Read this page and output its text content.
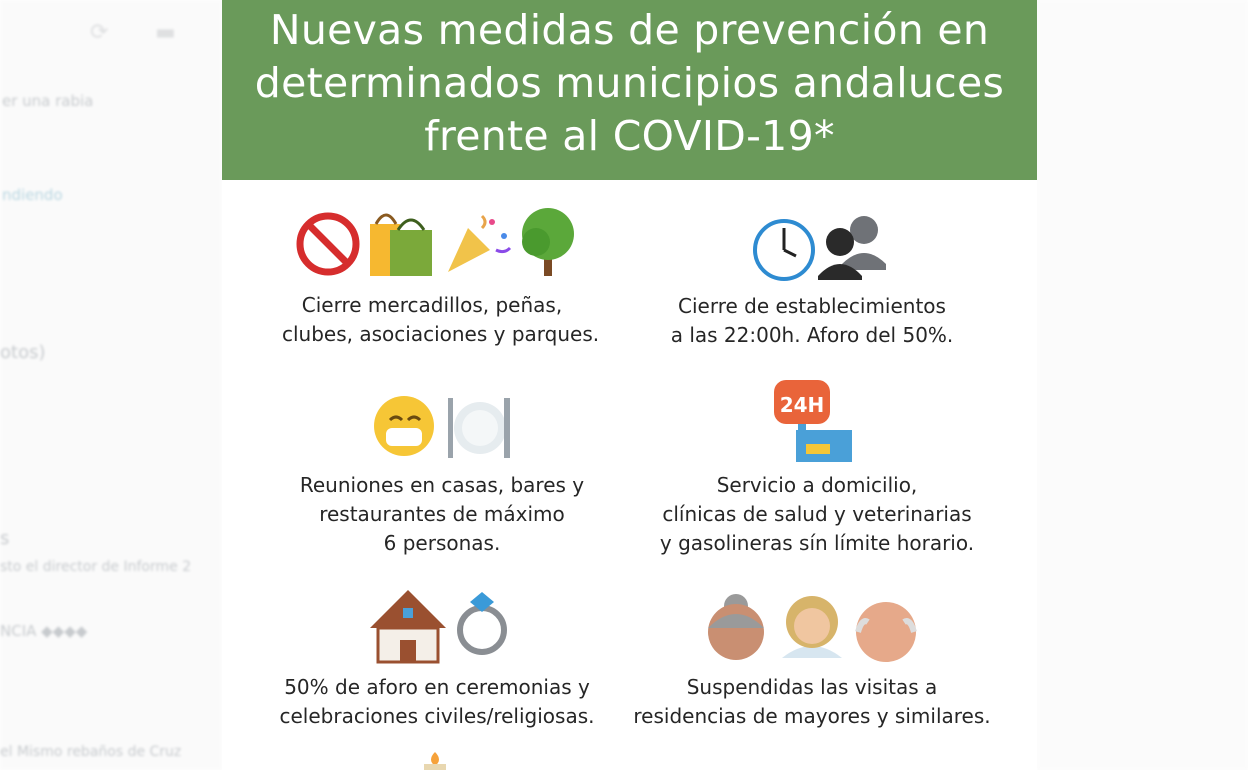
⟳ ▬
er una rabia
ndiendo
otos)
s
sto el director de Informe 2
NCIA ◆◆◆◆
el Mismo rebaños de Cruz
Nuevas medidas de prevención en
determinados municipios andaluces
frente al COVID-19*
Cierre mercadillos, peñas,
clubes, asociaciones y parques.
Cierre de establecimientos
a las 22:00h. Aforo del 50%.
Reuniones en casas, bares y
restaurantes de máximo
6 personas.
24H
Servicio a domicilio,
clínicas de salud y veterinarias
y gasolineras sín límite horario.
50% de aforo en ceremonias y
celebraciones civiles/religiosas.
Suspendidas las visitas a
residencias de mayores y similares.
